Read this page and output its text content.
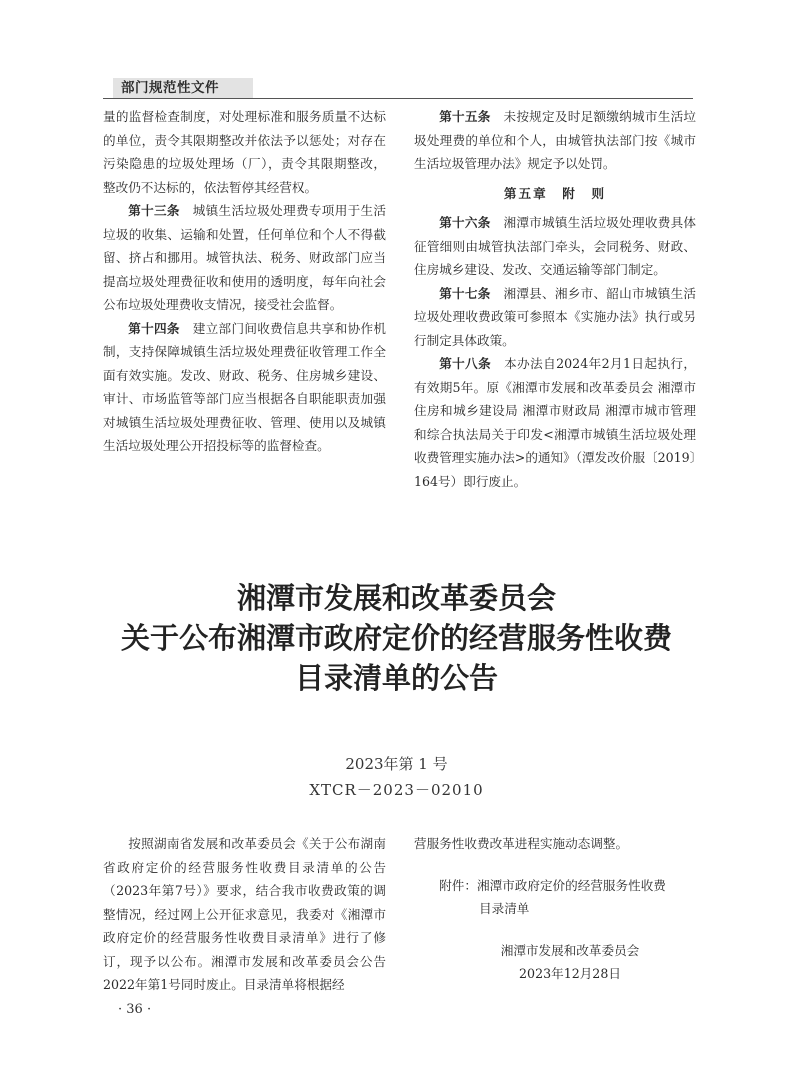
部门规范性文件

量的监督检查制度，对处理标准和服务质量不达标的单位，责令其限期整改并依法予以惩处；对存在污染隐患的垃圾处理场（厂），责令其限期整改，整改仍不达标的，依法暂停其经营权。

第十三条　 城镇生活垃圾处理费专项用于生活垃圾的收集、运输和处置，任何单位和个人不得截留、挤占和挪用。城管执法、税务、财政部门应当提高垃圾处理费征收和使用的透明度，每年向社会公布垃圾处理费收支情况，接受社会监督。

第十四条　 建立部门间收费信息共享和协作机制，支持保障城镇生活垃圾处理费征收管理工作全面有效实施。发改、财政、税务、住房城乡建设、审计、市场监管等部门应当根据各自职能职责加强对城镇生活垃圾处理费征收、管理、使用以及城镇生活垃圾处理公开招投标等的监督检查。

第十五条　 未按规定及时足额缴纳城市生活垃圾处理费的单位和个人，由城管执法部门按《城市生活垃圾管理办法》规定予以处罚。

第五章　附　则

第十六条　 湘潭市城镇生活垃圾处理收费具体征管细则由城管执法部门牵头，会同税务、财政、住房城乡建设、发改、交通运输等部门制定。

第十七条　 湘潭县、湘乡市、韶山市城镇生活垃圾处理收费政策可参照本《实施办法》执行或另行制定具体政策。

第十八条　 本办法自2024年2月1日起执行，有效期5年。原《湘潭市发展和改革委员会 湘潭市住房和城乡建设局 湘潭市财政局 湘潭市城市管理和综合执法局关于印发<湘潭市城镇生活垃圾处理收费管理实施办法>的通知》（潭发改价服〔2019〕164号）即行废止。

湘潭市发展和改革委员会
关于公布湘潭市政府定价的经营服务性收费
目录清单的公告
2023年第 1 号
XTCR－2023－02010

按照湖南省发展和改革委员会《关于公布湖南省政府定价的经营服务性收费目录清单的公告（2023年第7号）》要求，结合我市收费政策的调整情况，经过网上公开征求意见，我委对《湘潭市政府定价的经营服务性收费目录清单》进行了修订，现予以公布。湘潭市发展和改革委员会公告2022年第1号同时废止。目录清单将根据经

营服务性收费改革进程实施动态调整。

附件：湘潭市政府定价的经营服务性收费

目录清单

湘潭市发展和改革委员会

2023年12月28日

· 36 ·
